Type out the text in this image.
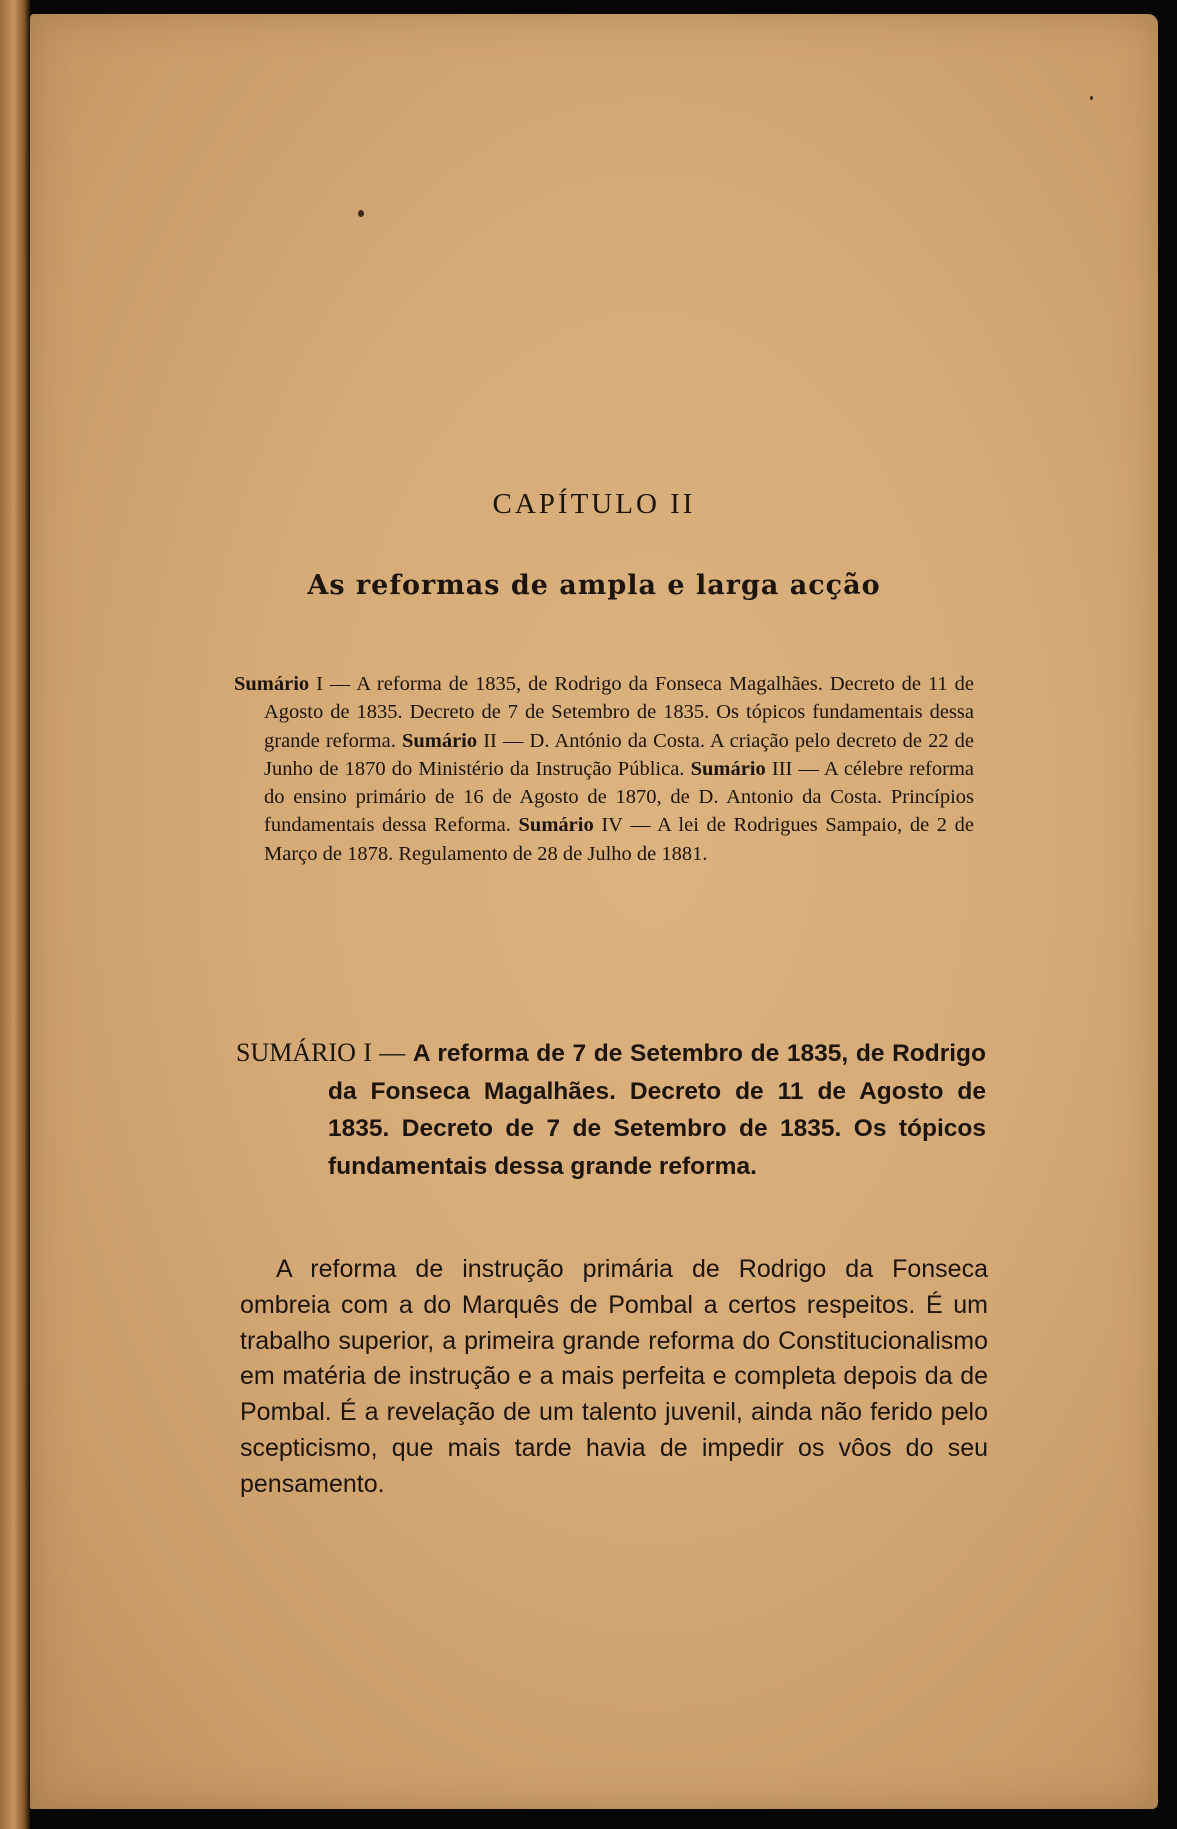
CAPÍTULO II
As reformas de ampla e larga acção

Sumário I — A reforma de 1835, de Rodrigo da Fonseca Magalhães. Decreto de 11 de Agosto de 1835. Decreto de 7 de Setembro de 1835. Os tópicos fundamentais dessa grande reforma. Sumário II — D. António da Costa. A criação pelo decreto de 22 de Junho de 1870 do Ministério da Instrução Pública. Sumário III — A célebre reforma do ensino primário de 16 de Agosto de 1870, de D. Antonio da Costa. Princípios fundamentais dessa Reforma. Sumário IV — A lei de Rodrigues Sampaio, de 2 de Março de 1878. Regulamento de 28 de Julho de 1881.

SUMÁRIO I — A reforma de 7 de Setembro de 1835, de Rodrigo da Fonseca Magalhães. Decreto de 11 de Agosto de 1835. Decreto de 7 de Setembro de 1835. Os tópicos fundamentais dessa grande reforma.

A reforma de instrução primária de Rodrigo da Fonseca ombreia com a do Marquês de Pombal a certos respeitos. É um trabalho superior, a primeira grande reforma do Constitucionalismo em matéria de instrução e a mais perfeita e completa depois da de Pombal. É a revelação de um talento juvenil, ainda não ferido pelo scepticismo, que mais tarde havia de impedir os vôos do seu pensamento.
